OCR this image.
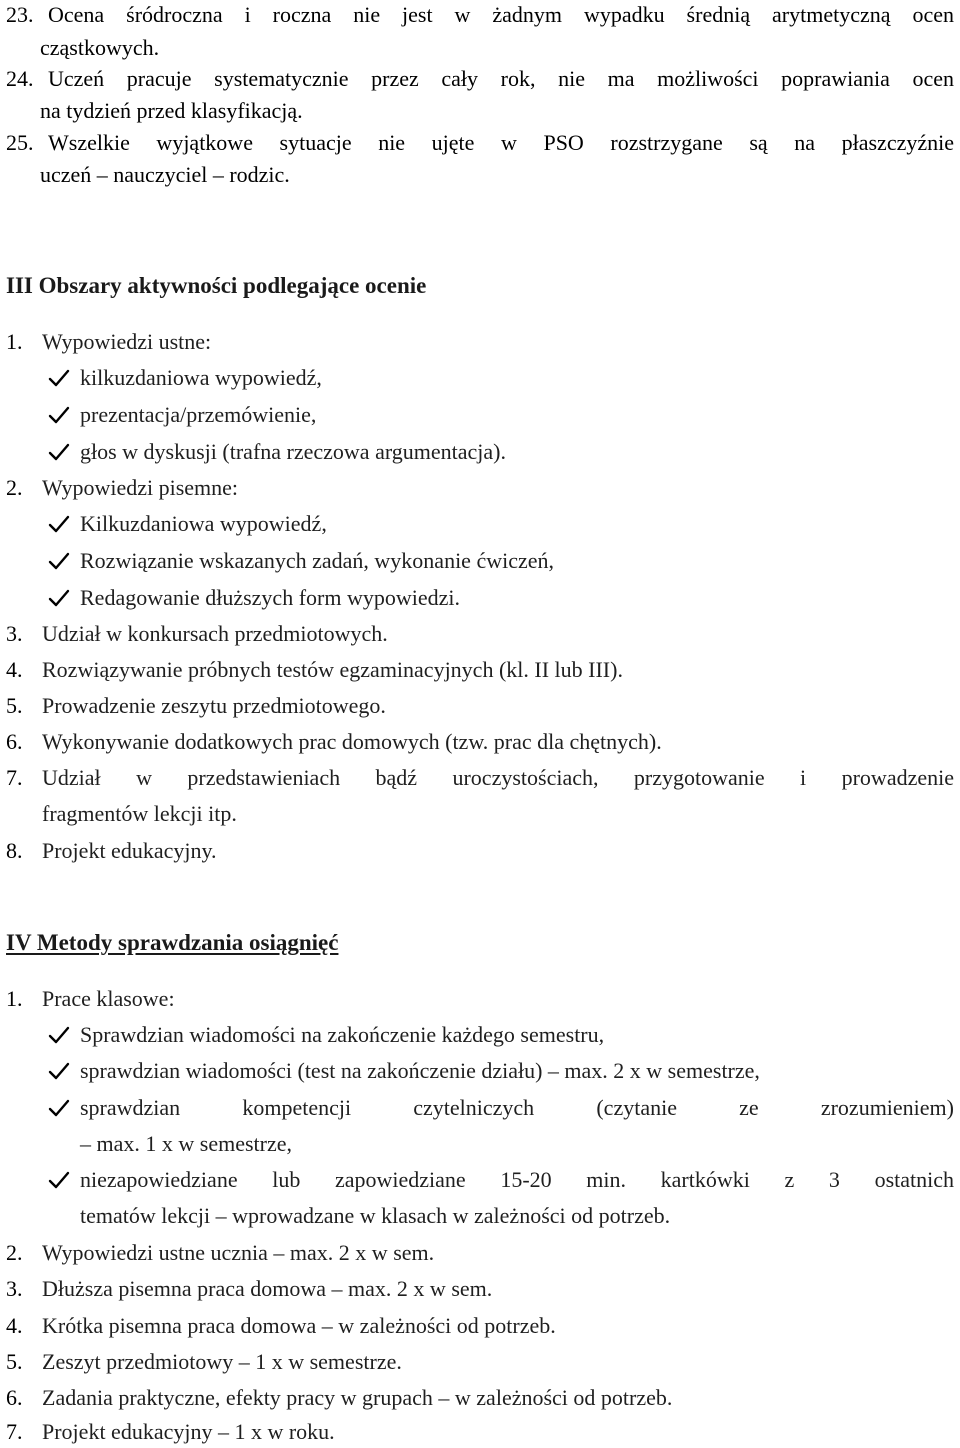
23. Ocena śródroczna i roczna nie jest w żadnym wypadku średnią arytmetyczną ocen
cząstkowych.
24. Uczeń pracuje systematycznie przez cały rok, nie ma możliwości poprawiania ocen
na tydzień przed klasyfikacją.
25. Wszelkie wyjątkowe sytuacje nie ujęte w PSO rozstrzygane są na płaszczyźnie
uczeń – nauczyciel – rodzic.
III Obszary aktywności podlegające ocenie
1. Wypowiedzi ustne:
kilkuzdaniowa wypowiedź,
prezentacja/przemówienie,
głos w dyskusji (trafna rzeczowa argumentacja).
2. Wypowiedzi pisemne:
Kilkuzdaniowa wypowiedź,
Rozwiązanie wskazanych zadań, wykonanie ćwiczeń,
Redagowanie dłuższych form wypowiedzi.
3. Udział w konkursach przedmiotowych.
4. Rozwiązywanie próbnych testów egzaminacyjnych (kl. II lub III).
5. Prowadzenie zeszytu przedmiotowego.
6. Wykonywanie dodatkowych prac domowych (tzw. prac dla chętnych).
7. Udział w przedstawieniach bądź uroczystościach, przygotowanie i prowadzenie
fragmentów lekcji itp.
8. Projekt edukacyjny.
IV Metody sprawdzania osiągnięć
1. Prace klasowe:
Sprawdzian wiadomości na zakończenie każdego semestru,
sprawdzian wiadomości (test na zakończenie działu) – max. 2 x w semestrze,
sprawdzian kompetencji czytelniczych (czytanie ze zrozumieniem)
– max. 1 x w semestrze,
niezapowiedziane lub zapowiedziane 15-20 min. kartkówki z 3 ostatnich
tematów lekcji – wprowadzane w klasach w zależności od potrzeb.
2. Wypowiedzi ustne ucznia – max. 2 x w sem.
3. Dłuższa pisemna praca domowa – max. 2 x w sem.
4. Krótka pisemna praca domowa – w zależności od potrzeb.
5. Zeszyt przedmiotowy – 1 x w semestrze.
6. Zadania praktyczne, efekty pracy w grupach – w zależności od potrzeb.
7. Projekt edukacyjny – 1 x w roku.
